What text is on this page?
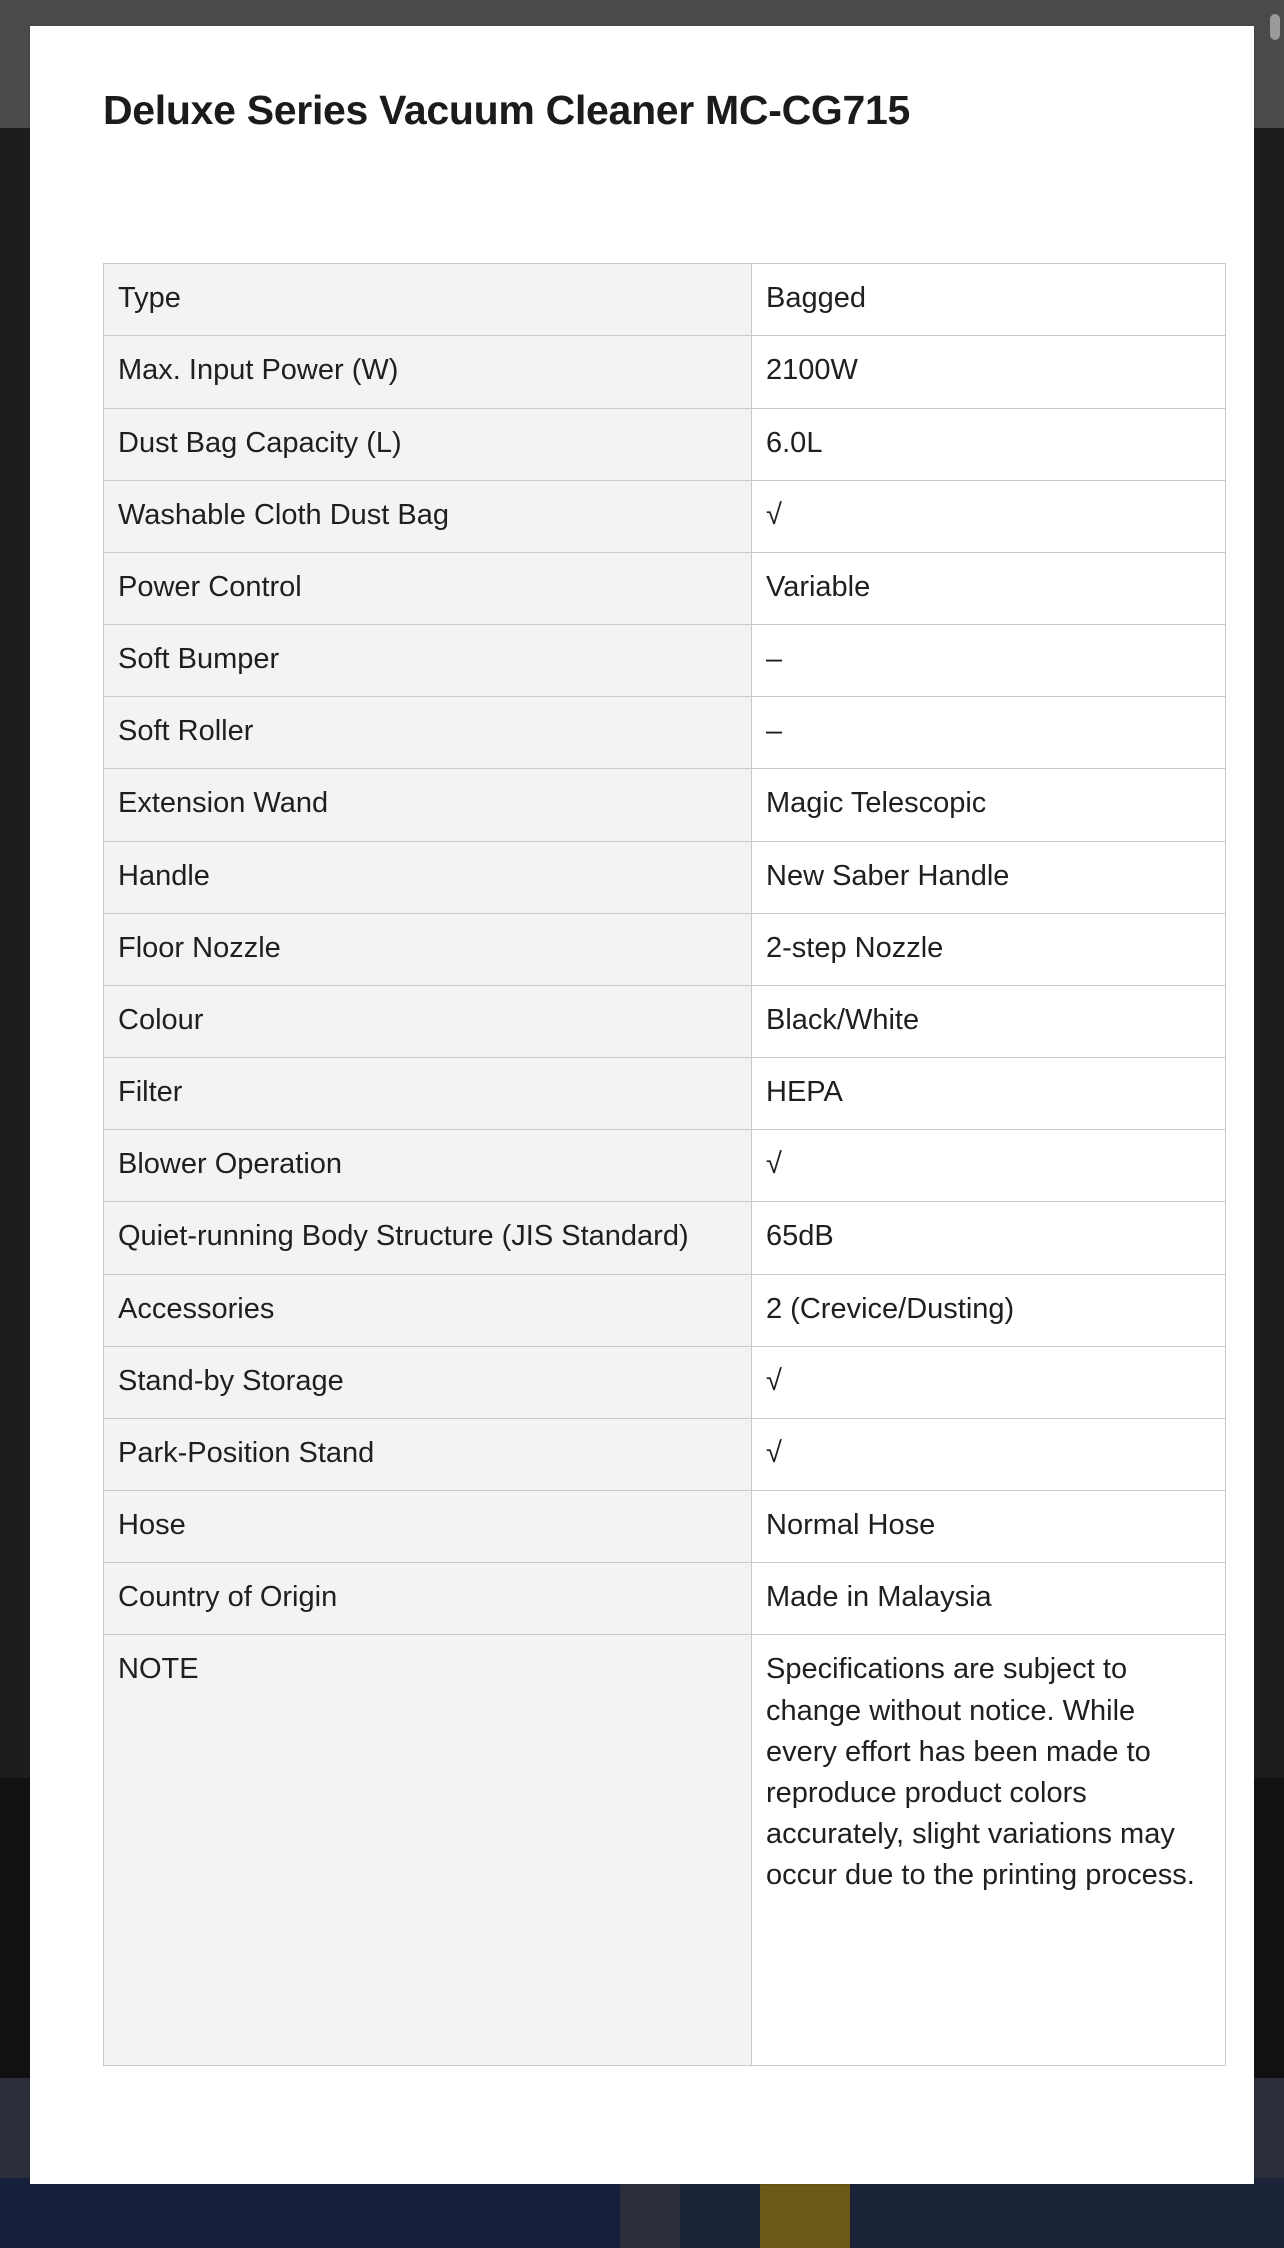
Deluxe Series Vacuum Cleaner MC-CG715
Type	Bagged
Max. Input Power (W)	2100W
Dust Bag Capacity (L)	6.0L
Washable Cloth Dust Bag	√
Power Control	Variable
Soft Bumper	–
Soft Roller	–
Extension Wand	Magic Telescopic
Handle	New Saber Handle
Floor Nozzle	2-step Nozzle
Colour	Black/White
Filter	HEPA
Blower Operation	√
Quiet-running Body Structure (JIS Standard)	65dB
Accessories	2 (Crevice/Dusting)
Stand-by Storage	√
Park-Position Stand	√
Hose	Normal Hose
Country of Origin	Made in Malaysia
NOTE	Specifications are subject to change without notice. While every effort has been made to reproduce product colors accurately, slight variations may occur due to the printing process.
